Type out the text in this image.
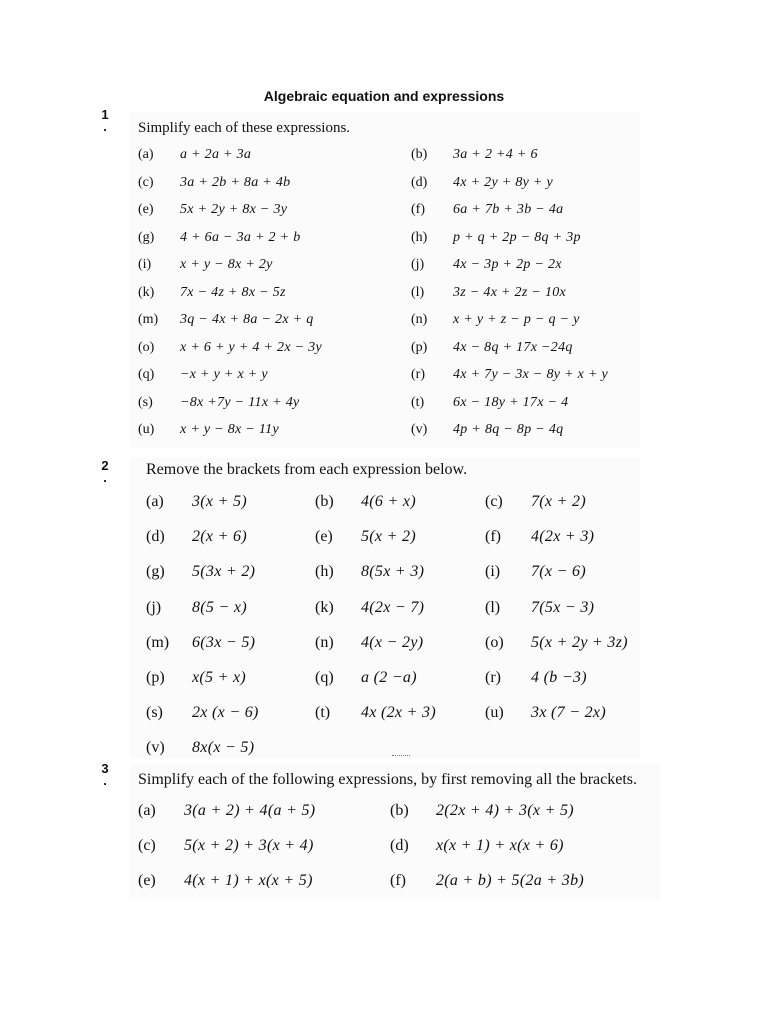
Algebraic equation and expressions
1
.	Simplify each of these expressions.
(a) a + 2a + 3a	(b) 3a + 2 +4 + 6
(c) 3a + 2b + 8a + 4b	(d) 4x + 2y + 8y + y
(e) 5x + 2y + 8x − 3y	(f) 6a + 7b + 3b − 4a
(g) 4 + 6a − 3a + 2 + b	(h) p + q + 2p − 8q + 3p
(i) x + y − 8x + 2y	(j) 4x − 3p + 2p − 2x
(k) 7x − 4z + 8x − 5z	(l) 3z − 4x + 2z − 10x
(m) 3q − 4x + 8a − 2x + q	(n) x + y + z − p − q − y
(o) x + 6 + y + 4 + 2x − 3y	(p) 4x − 8q + 17x −24q
(q) −x + y + x + y	(r) 4x + 7y − 3x − 8y + x + y
(s) −8x +7y − 11x + 4y	(t) 6x − 18y + 17x − 4
(u) x + y − 8x − 11y	(v) 4p + 8q − 8p − 4q
2
.	Remove the brackets from each expression below.
(a) 3(x + 5)	(b) 4(6 + x)	(c) 7(x + 2)
(d) 2(x + 6)	(e) 5(x + 2)	(f) 4(2x + 3)
(g) 5(3x + 2)	(h) 8(5x + 3)	(i) 7(x − 6)
(j) 8(5 − x)	(k) 4(2x − 7)	(l) 7(5x − 3)
(m) 6(3x − 5)	(n) 4(x − 2y)	(o) 5(x + 2y + 3z)
(p) x(5 + x)	(q) a (2 −a)	(r) 4 (b −3)
(s) 2x (x − 6)	(t) 4x (2x + 3)	(u) 3x (7 − 2x)
(v) 8x(x − 5)
3
.	Simplify each of the following expressions, by first removing all the brackets.
(a) 3(a + 2) + 4(a + 5)	(b) 2(2x + 4) + 3(x + 5)
(c) 5(x + 2) + 3(x + 4)	(d) x(x + 1) + x(x + 6)
(e) 4(x + 1) + x(x + 5)	(f) 2(a + b) + 5(2a + 3b)
